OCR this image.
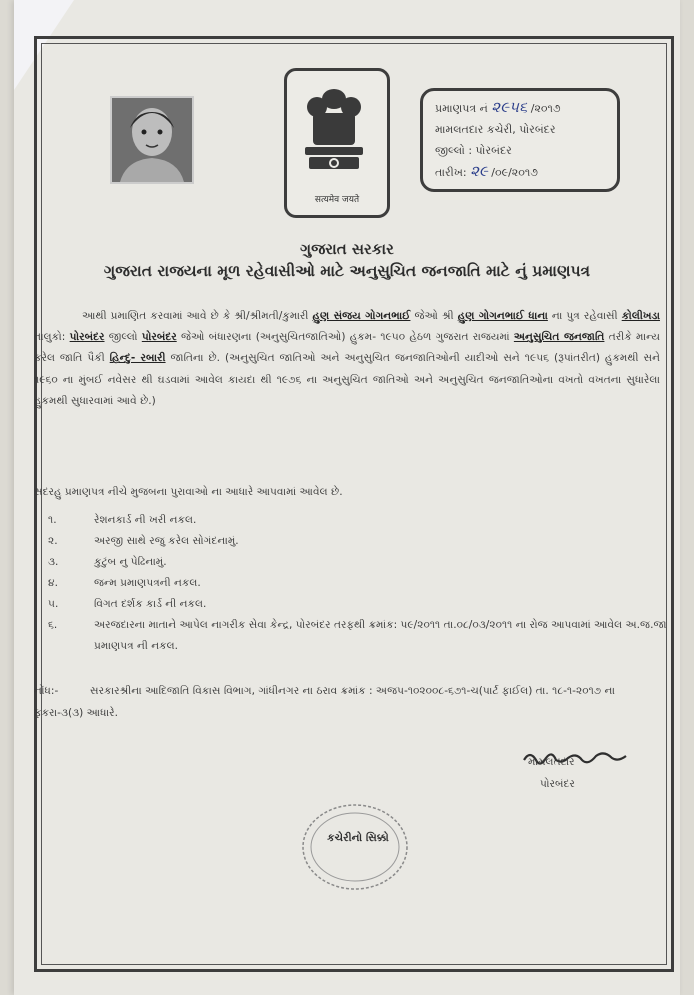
सत्यमेव जयते
પ્રમાણપત્ર નં ૨૯૫૬ /૨૦૧૭
મામલતદાર કચેરી, પોરબંદર
જીલ્લો : પોરબંદર
તારીખ: ૨૯ /૦૯/૨૦૧૭
ગુજરાત સરકાર
ગુજરાત રાજયના મૂળ રહેવાસીઓ માટે અનુસુચિત જનજાતિ માટે નું પ્રમાણપત્ર
આથી પ્રમાણિત કરવામાં આવે છે કે શ્રી/શ્રીમતી/કુમારી હુણ સંજય ગોગનભાઈ જેઓ શ્રી હુણ ગોગનભાઈ ધાના ના પુત્ર રહેવાસી કોલીખડા તાલુકો: પોરબંદર જીલ્લો પોરબંદર જેઓ બંધારણના (અનુસુચિતજાતિઓ) હુકમ- ૧૯૫૦ હેઠળ ગુજરાત રાજયમાં અનુસુચિત જનજાતિ તરીકે માન્ય કરેલ જાતિ પૈકી હિન્દુ- રબારી જાતિના છે. (અનુસુચિત જાતિઓ અને અનુસુચિત જનજાતિઓની યાદીઓ સને ૧૯૫૬ (રૂપાંતરીત) હુકમથી સને ૧૯૬૦ ના મુંબઈ નવેસર થી ઘડવામાં આવેલ કાયદા થી ૧૯૭૬ ના અનુસુચિત જાતિઓ અને અનુસુચિત જનજાતિઓના વખતો વખતના સુધારેલા હુકમથી સુધારવામાં આવે છે.)
સદરહુ પ્રમાણપત્ર નીચે મુજબના પુરાવાઓ ના આધારે આપવામાં આવેલ છે.
૧.	રેશનકાર્ડ ની ખરી નકલ.
૨.	અરજી સાથે રજુ કરેલ સોગંદનામું.
૩.	કુટુંબ નુ પેઢિનામું.
૪.	જન્મ પ્રમાણપત્રની નકલ.
૫.	વિગત દર્શક કાર્ડ ની નકલ.
૬.	અરજદારના માતાને આપેલ નાગરીક સેવા કેન્દ્ર, પોરબંદર તરફથી ક્રમાંક: પ૯/૨૦૧૧ તા.૦૮/૦૩/૨૦૧૧ ના રોજ આપવામાં આવેલ અ.જ.જા પ્રમાણપત્ર ની નકલ.
નોંધ:-	સરકારશ્રીના આદિજાતિ વિકાસ વિભાગ, ગાંધીનગર ના ઠરાવ ક્રમાંક : અજપ-૧૦૨૦૦૮-૬૭૧-ચ(પાર્ટ ફાઈલ) તા. ૧૮-૧-૨૦૧૭ ના ફકરા-૩(૩) આધારે.
મામલતદાર
પોરબંદર
કચેરીનો સિક્કો
